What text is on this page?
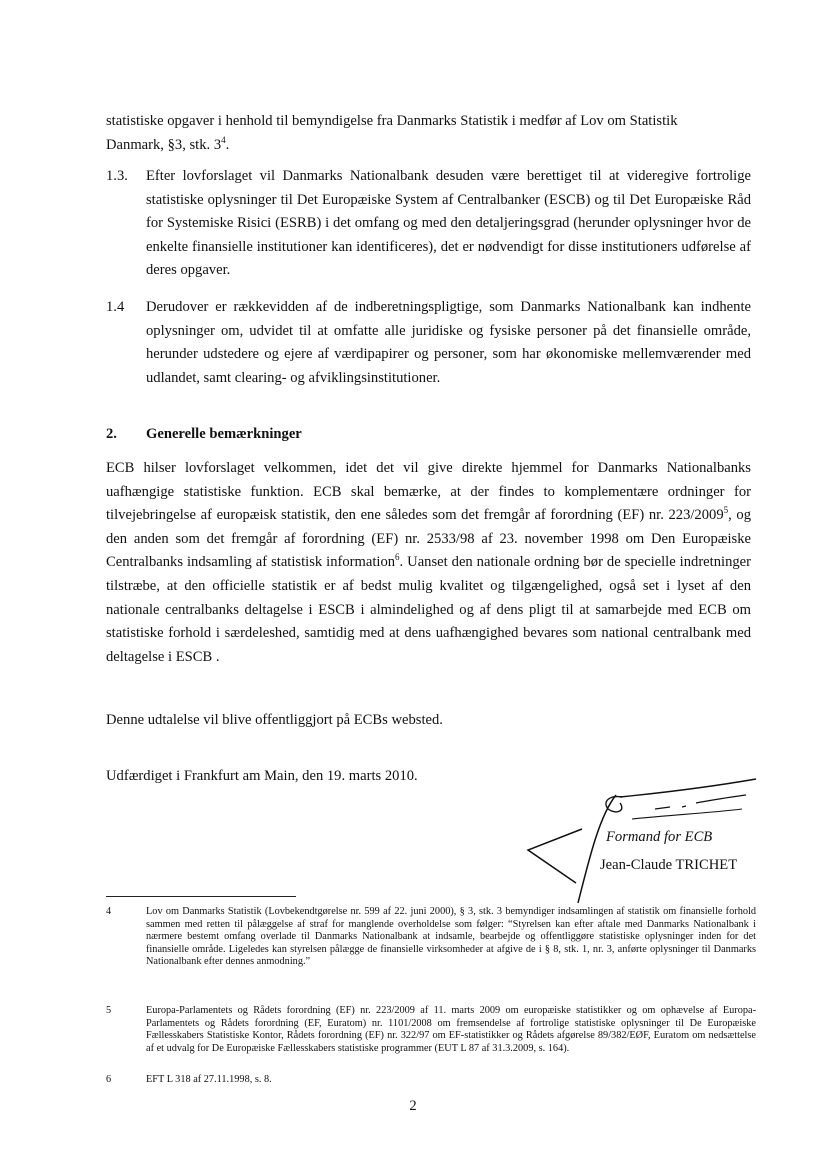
statistiske opgaver i henhold til bemyndigelse fra Danmarks Statistik i medfør af Lov om Statistik
Danmark, §3, stk. $3^4$.

1.3.	Efter lovforslaget vil Danmarks Nationalbank desuden være berettiget til at videregive fortrolige statistiske oplysninger til Det Europæiske System af Centralbanker (ESCB) og til Det Europæiske Råd for Systemiske Risici (ESRB) i det omfang og med den detaljeringsgrad (herunder oplysninger hvor de enkelte finansielle institutioner kan identificeres), det er nødvendigt for disse institutioners udførelse af deres opgaver.
1.4	Derudover er rækkevidden af de indberetningspligtige, som Danmarks Nationalbank kan indhente oplysninger om, udvidet til at omfatte alle juridiske og fysiske personer på det finansielle område, herunder udstedere og ejere af værdipapirer og personer, som har økonomiske mellemværender med udlandet, samt clearing- og afviklingsinstitutioner.
2. Generelle bemærkninger

ECB hilser lovforslaget velkommen, idet det vil give direkte hjemmel for Danmarks Nationalbanks uafhængige statistiske funktion. ECB skal bemærke, at der findes to komplementære ordninger for tilvejebringelse af europæisk statistik, den ene således som det fremgår af forordning (EF) nr. 223/2009$^5$, og den anden som det fremgår af forordning (EF) nr. 2533/98 af 23. november 1998 om Den Europæiske Centralbanks indsamling af statistisk information$^6$. Uanset den nationale ordning bør de specielle indretninger tilstræbe, at den officielle statistik er af bedst mulig kvalitet og tilgængelighed, også set i lyset af den nationale centralbanks deltagelse i ESCB i almindelighed og af dens pligt til at samarbejde med ECB om statistiske forhold i særdeleshed, samtidig med at dens uafhængighed bevares som national centralbank med deltagelse i ESCB .

Denne udtalelse vil blive offentliggjort på ECBs websted.

Udfærdiget i Frankfurt am Main, den 19. marts 2010.

Formand for ECB
Jean-Claude TRICHET
4	Lov om Danmarks Statistik (Lovbekendtgørelse nr. 599 af 22. juni 2000), § 3, stk. 3 bemyndiger indsamlingen af statistik om finansielle forhold sammen med retten til pålæggelse af straf for manglende overholdelse som følger: “Styrelsen kan efter aftale med Danmarks Nationalbank i nærmere bestemt omfang overlade til Danmarks Nationalbank at indsamle, bearbejde og offentliggøre statistiske oplysninger inden for det finansielle område. Ligeledes kan styrelsen pålægge de finansielle virksomheder at afgive de i § 8, stk. 1, nr. 3, anførte oplysninger til Danmarks Nationalbank efter dennes anmodning.”
5	Europa-Parlamentets og Rådets forordning (EF) nr. 223/2009 af 11. marts 2009 om europæiske statistikker og om ophævelse af Europa-Parlamentets og Rådets forordning (EF, Euratom) nr. 1101/2008 om fremsendelse af fortrolige statistiske oplysninger til De Europæiske Fællesskabers Statistiske Kontor, Rådets forordning (EF) nr. 322/97 om EF-statistikker og Rådets afgørelse 89/382/EØF, Euratom om nedsættelse af et udvalg for De Europæiske Fællesskabers statistiske programmer (EUT L 87 af 31.3.2009, s. 164).
6	EFT L 318 af 27.11.1998, s. 8.
2
